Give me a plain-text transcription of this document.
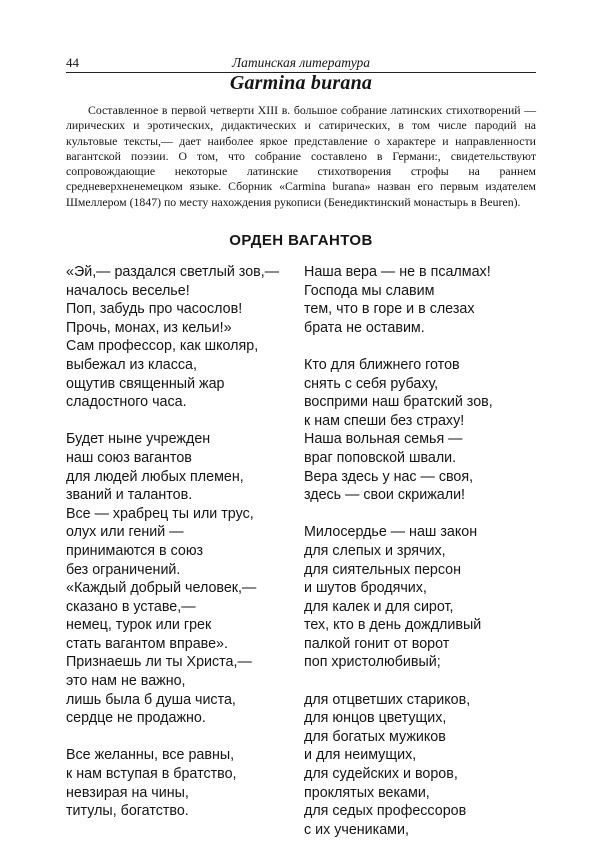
44	Латинская литература
Garmina burana

Составленное в первой четверти XIII в. большое собрание латинских стихотворений — лирических и эротических, дидактических и сатирических, в том числе пародий на культовые тексты,— дает наиболее яркое представление о характере и направленности вагантской поэзии. О том, что собрание составлено в Германи:, свидетельствуют сопровождающие некоторые латинские стихотворения строфы на раннем средневерхненемецком языке. Сборник «Carmina burana» назван его первым издателем Шмеллером (1847) по месту нахождения рукописи (Бенедиктинский монастырь в Beuren).

ОРДЕН ВАГАНТОВ
«Эй,— раздался светлый зов,—
началось веселье!
Поп, забудь про часослов!
Прочь, монах, из кельи!»
Сам профессор, как школяр,
выбежал из класса,
ощутив священный жар
сладостного часа.
Будет ныне учрежден
наш союз вагантов
для людей любых племен,
званий и талантов.
Все — храбрец ты или трус,
олух или гений —
принимаются в союз
без ограничений.
«Каждый добрый человек,—
сказано в уставе,—
немец, турок или грек
стать вагантом вправе».
Признаешь ли ты Христа,—
это нам не важно,
лишь была б душа чиста,
сердце не продажно.
Все желанны, все равны,
к нам вступая в братство,
невзирая на чины,
титулы, богатство.
Наша вера — не в псалмах!
Господа мы славим
тем, что в горе и в слезах
брата не оставим.
Кто для ближнего готов
снять с себя рубаху,
восприми наш братский зов,
к нам спеши без страху!
Наша вольная семья —
враг поповской швали.
Вера здесь у нас — своя,
здесь — свои скрижали!
Милосердье — наш закон
для слепых и зрячих,
для сиятельных персон
и шутов бродячих,
для калек и для сирот,
тех, кто в день дождливый
палкой гонит от ворот
поп христолюбивый;
для отцветших стариков,
для юнцов цветущих,
для богатых мужиков
и для неимущих,
для судейских и воров,
проклятых веками,
для седых профессоров
с их учениками,
